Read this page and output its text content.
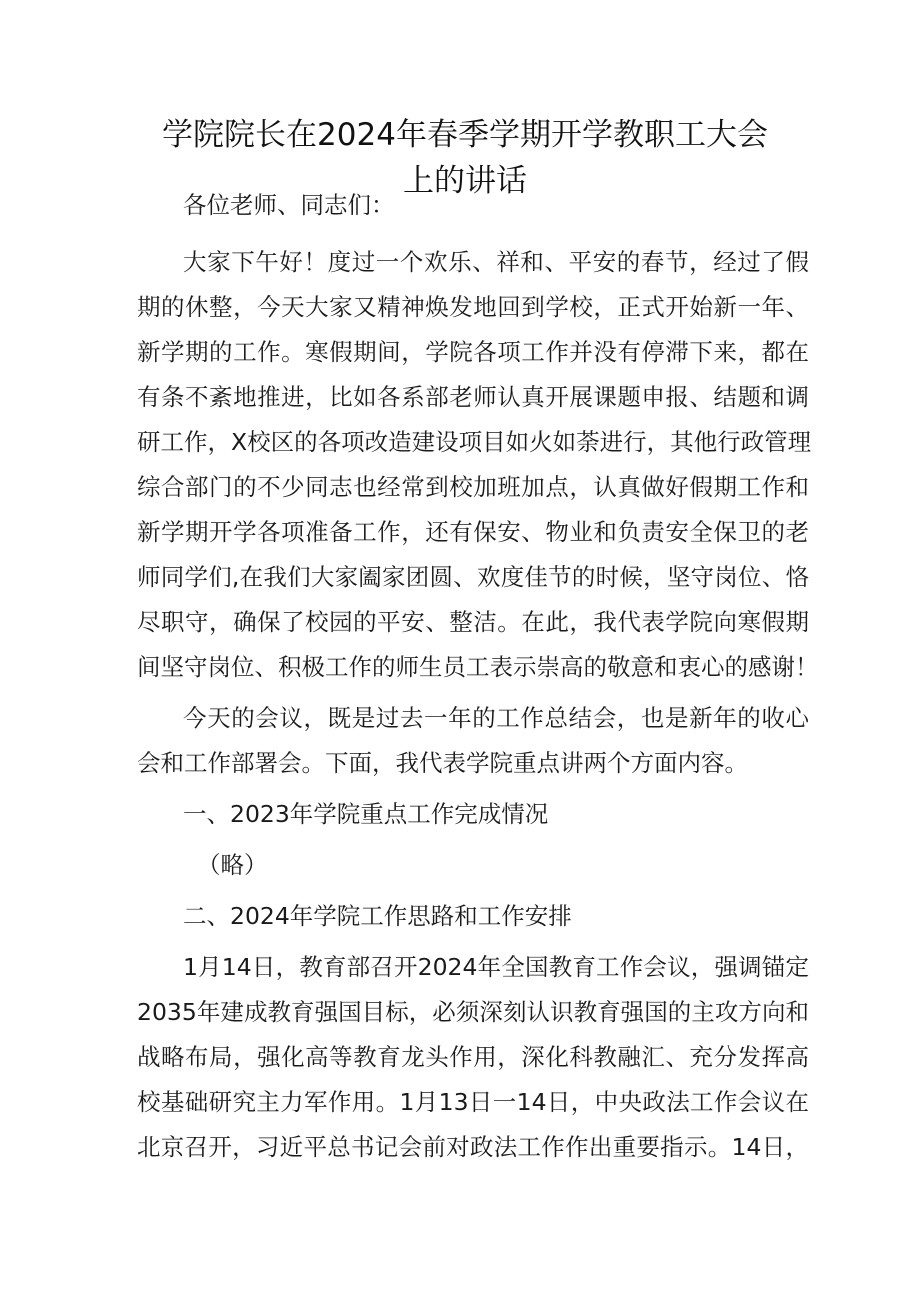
学院院长在2024年春季学期开学教职工大会
上的讲话
各位老师、同志们：
大家下午好！度过一个欢乐、祥和、平安的春节，经过了假
期的休整，今天大家又精神焕发地回到学校，正式开始新一年、
新学期的工作。寒假期间，学院各项工作并没有停滞下来，都在
有条不紊地推进，比如各系部老师认真开展课题申报、结题和调
研工作，X校区的各项改造建设项目如火如荼进行，其他行政管理
综合部门的不少同志也经常到校加班加点，认真做好假期工作和
新学期开学各项准备工作，还有保安、物业和负责安全保卫的老
师同学们,在我们大家阖家团圆、欢度佳节的时候，坚守岗位、恪
尽职守，确保了校园的平安、整洁。在此，我代表学院向寒假期
间坚守岗位、积极工作的师生员工表示崇高的敬意和衷心的感谢！
今天的会议，既是过去一年的工作总结会，也是新年的收心
会和工作部署会。下面，我代表学院重点讲两个方面内容。
一、2023年学院重点工作完成情况
（略）
二、2024年学院工作思路和工作安排
1月14日，教育部召开2024年全国教育工作会议，强调锚定
2035年建成教育强国目标，必须深刻认识教育强国的主攻方向和
战略布局，强化高等教育龙头作用，深化科教融汇、充分发挥高
校基础研究主力军作用。1月13日一14日，中央政法工作会议在
北京召开，习近平总书记会前对政法工作作出重要指示。14日，
